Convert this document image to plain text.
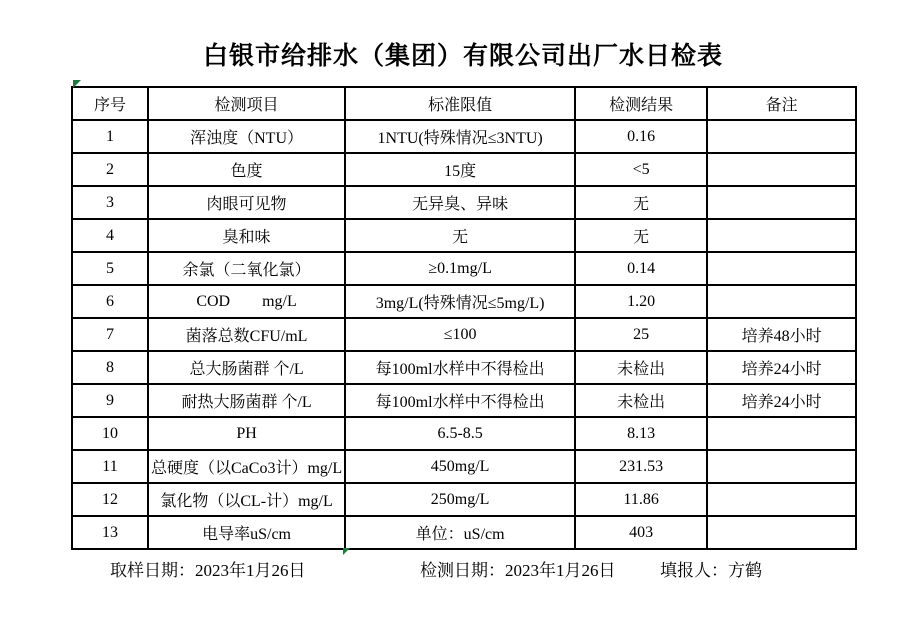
白银市给排水（集团）有限公司出厂水日检表
序号	检测项目	标准限值	检测结果	备注
1	浑浊度（NTU）	1NTU(特殊情况≤3NTU)	0.16	
2	色度	15度	<5	
3	肉眼可见物	无异臭、异味	无	
4	臭和味	无	无	
5	余氯（二氧化氯）	≥0.1mg/L	0.14	
6	COD        mg/L	3mg/L(特殊情况≤5mg/L)	1.20	
7	菌落总数CFU/mL	≤100	25	培养48小时
8	总大肠菌群 个/L	每100ml水样中不得检出	未检出	培养24小时
9	耐热大肠菌群 个/L	每100ml水样中不得检出	未检出	培养24小时
10	PH	6.5-8.5	8.13	
11	总硬度（以CaCo3计）mg/L	450mg/L	231.53	
12	氯化物（以CL-计）mg/L	250mg/L	11.86	
13	电导率uS/cm	单位：uS/cm	403	
取样日期：2023年1月26日	检测日期：2023年1月26日	填报人：方鹤
